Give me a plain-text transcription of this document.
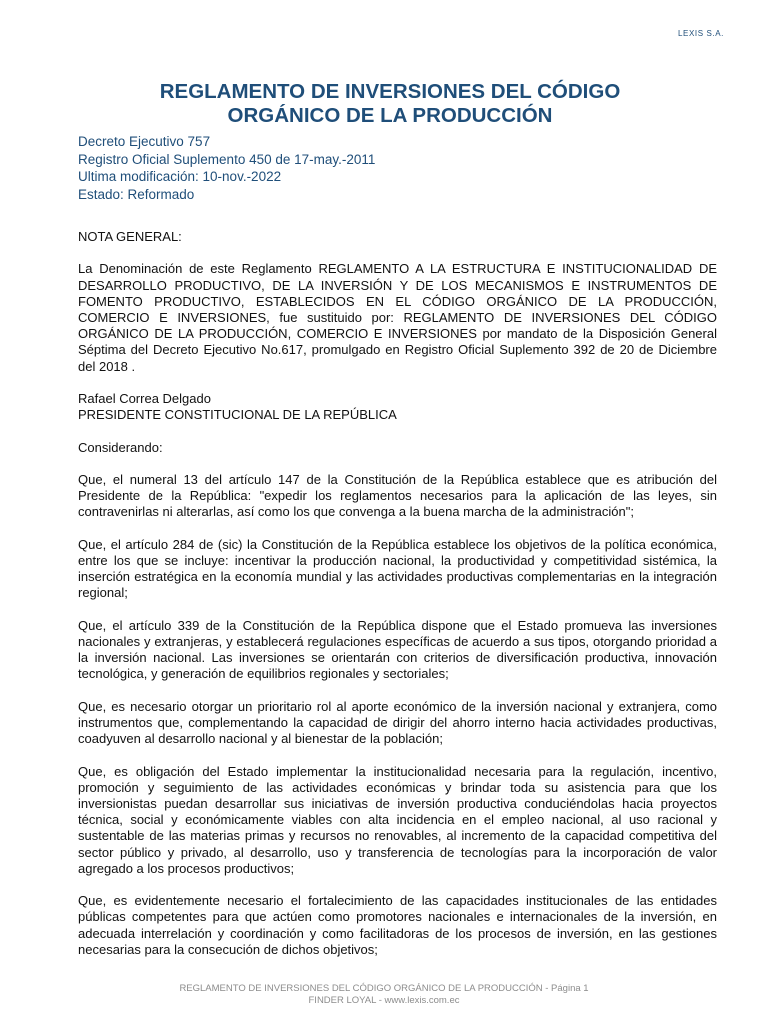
LEXIS S.A.
REGLAMENTO DE INVERSIONES DEL CÓDIGO
ORGÁNICO DE LA PRODUCCIÓN
Decreto Ejecutivo 757
Registro Oficial Suplemento 450 de 17-may.-2011
Ultima modificación: 10-nov.-2022
Estado: Reformado

NOTA GENERAL:

La Denominación de este Reglamento REGLAMENTO A LA ESTRUCTURA E INSTITUCIONALIDAD DE DESARROLLO PRODUCTIVO, DE LA INVERSIÓN Y DE LOS MECANISMOS E INSTRUMENTOS DE FOMENTO PRODUCTIVO, ESTABLECIDOS EN EL CÓDIGO ORGÁNICO DE LA PRODUCCIÓN, COMERCIO E INVERSIONES, fue sustituido por: REGLAMENTO DE INVERSIONES DEL CÓDIGO ORGÁNICO DE LA PRODUCCIÓN, COMERCIO E INVERSIONES por mandato de la Disposición General Séptima del Decreto Ejecutivo No.617, promulgado en Registro Oficial Suplemento 392 de 20 de Diciembre del 2018 .

Rafael Correa Delgado
PRESIDENTE CONSTITUCIONAL DE LA REPÚBLICA

Considerando:

Que, el numeral 13 del artículo 147 de la Constitución de la República establece que es atribución del Presidente de la República: "expedir los reglamentos necesarios para la aplicación de las leyes, sin contravenirlas ni alterarlas, así como los que convenga a la buena marcha de la administración";

Que, el artículo 284 de (sic) la Constitución de la República establece los objetivos de la política económica, entre los que se incluye: incentivar la producción nacional, la productividad y competitividad sistémica, la inserción estratégica en la economía mundial y las actividades productivas complementarias en la integración regional;

Que, el artículo 339 de la Constitución de la República dispone que el Estado promueva las inversiones nacionales y extranjeras, y establecerá regulaciones específicas de acuerdo a sus tipos, otorgando prioridad a la inversión nacional. Las inversiones se orientarán con criterios de diversificación productiva, innovación tecnológica, y generación de equilibrios regionales y sectoriales;

Que, es necesario otorgar un prioritario rol al aporte económico de la inversión nacional y extranjera, como instrumentos que, complementando la capacidad de dirigir del ahorro interno hacia actividades productivas, coadyuven al desarrollo nacional y al bienestar de la población;

Que, es obligación del Estado implementar la institucionalidad necesaria para la regulación, incentivo, promoción y seguimiento de las actividades económicas y brindar toda su asistencia para que los inversionistas puedan desarrollar sus iniciativas de inversión productiva conduciéndolas hacia proyectos técnica, social y económicamente viables con alta incidencia en el empleo nacional, al uso racional y sustentable de las materias primas y recursos no renovables, al incremento de la capacidad competitiva del sector público y privado, al desarrollo, uso y transferencia de tecnologías para la incorporación de valor agregado a los procesos productivos;

Que, es evidentemente necesario el fortalecimiento de las capacidades institucionales de las entidades públicas competentes para que actúen como promotores nacionales e internacionales de la inversión, en adecuada interrelación y coordinación y como facilitadoras de los procesos de inversión, en las gestiones necesarias para la consecución de dichos objetivos;

REGLAMENTO DE INVERSIONES DEL CÓDIGO ORGÁNICO DE LA PRODUCCIÓN - Página 1
FINDER LOYAL - www.lexis.com.ec
